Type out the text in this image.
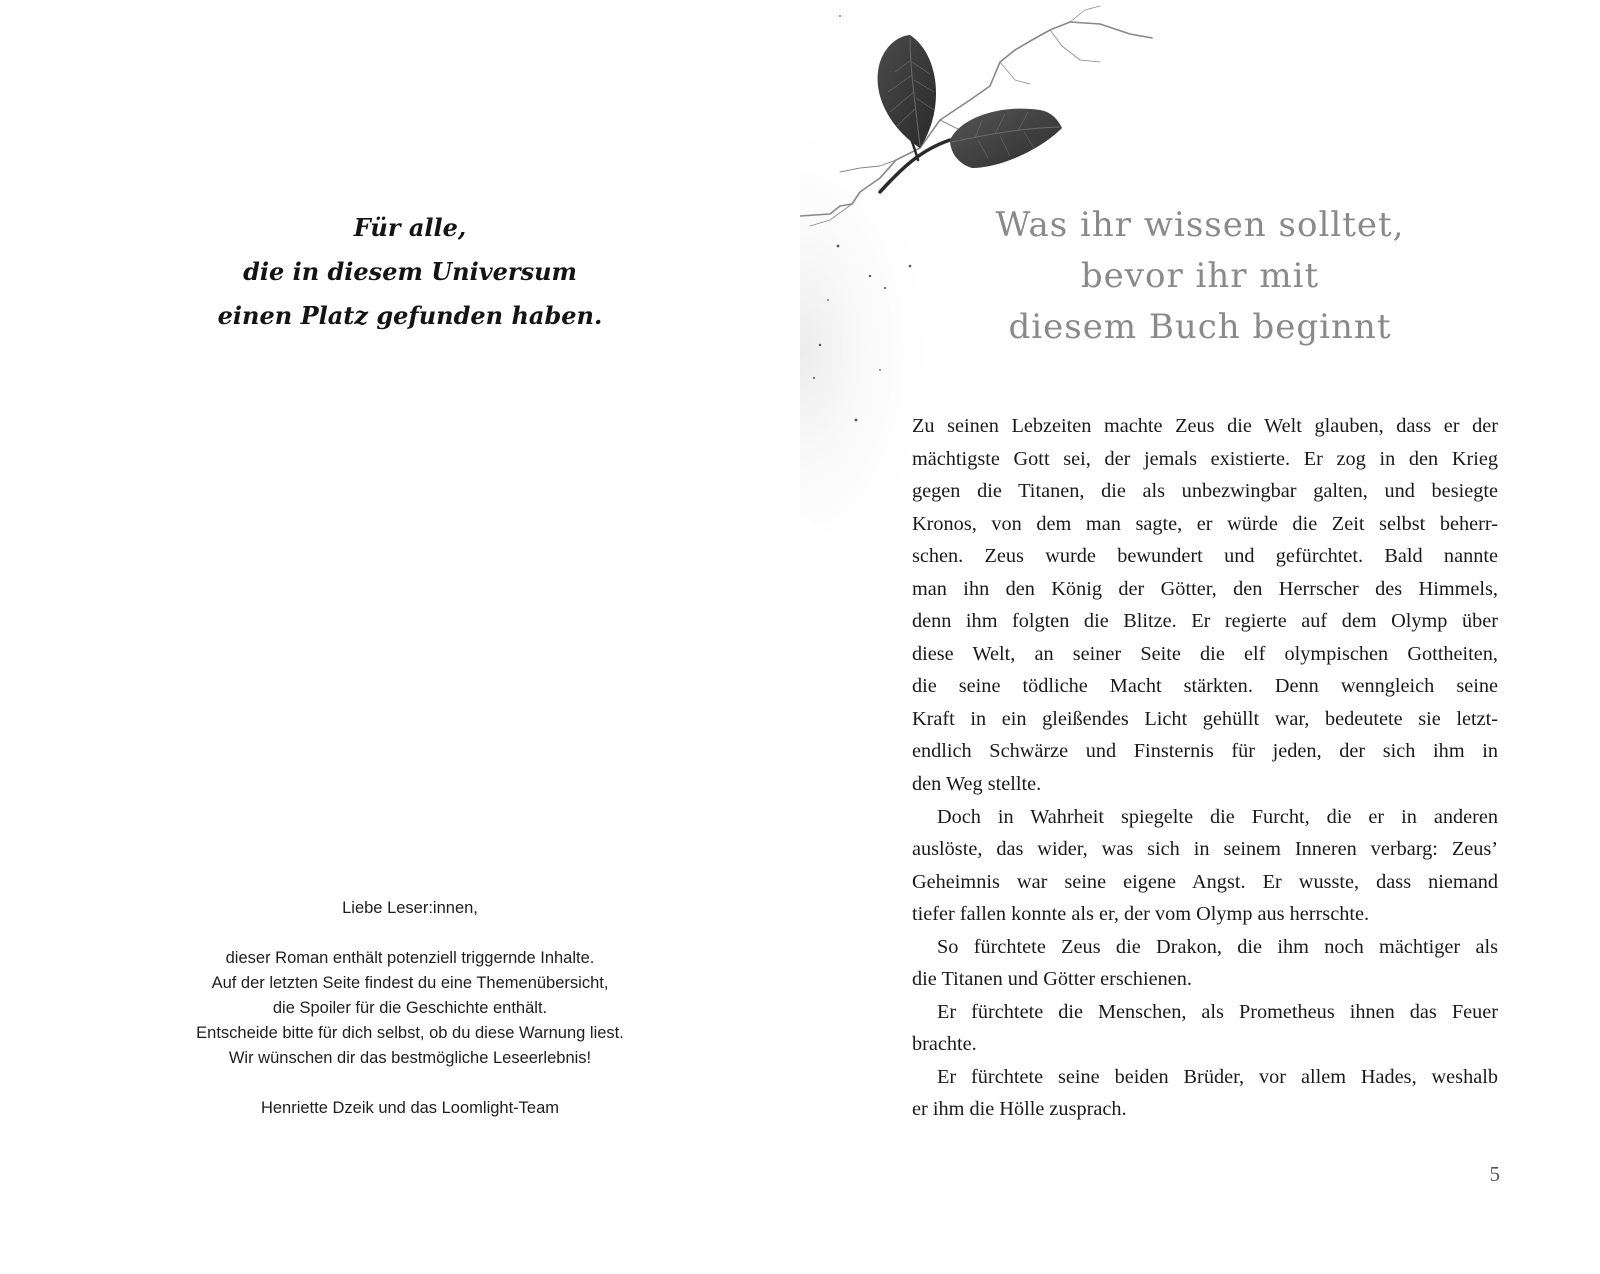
Für alle,
die in diesem Universum
einen Platz gefunden haben.
Liebe Leser:innen,
dieser Roman enthält potenziell triggernde Inhalte.
Auf der letzten Seite findest du eine Themenübersicht,
die Spoiler für die Geschichte enthält.
Entscheide bitte für dich selbst, ob du diese Warnung liest.
Wir wünschen dir das bestmögliche Leseerlebnis!
Henriette Dzeik und das Loomlight-Team
Was ihr wissen solltet,
bevor ihr mit
diesem Buch beginnt
Zu seinen Lebzeiten machte Zeus die Welt glauben, dass er der
mächtigste Gott sei, der jemals existierte. Er zog in den Krieg
gegen die Titanen, die als unbezwingbar galten, und besiegte
Kronos, von dem man sagte, er würde die Zeit selbst beherr-
schen. Zeus wurde bewundert und gefürchtet. Bald nannte
man ihn den König der Götter, den Herrscher des Himmels,
denn ihm folgten die Blitze. Er regierte auf dem Olymp über
diese Welt, an seiner Seite die elf olympischen Gottheiten,
die seine tödliche Macht stärkten. Denn wenngleich seine
Kraft in ein gleißendes Licht gehüllt war, bedeutete sie letzt-
endlich Schwärze und Finsternis für jeden, der sich ihm in
den Weg stellte.
Doch in Wahrheit spiegelte die Furcht, die er in anderen
auslöste, das wider, was sich in seinem Inneren verbarg: Zeus’
Geheimnis war seine eigene Angst. Er wusste, dass niemand
tiefer fallen konnte als er, der vom Olymp aus herrschte.
So fürchtete Zeus die Drakon, die ihm noch mächtiger als
die Titanen und Götter erschienen.
Er fürchtete die Menschen, als Prometheus ihnen das Feuer
brachte.
Er fürchtete seine beiden Brüder, vor allem Hades, weshalb
er ihm die Hölle zusprach.
5
